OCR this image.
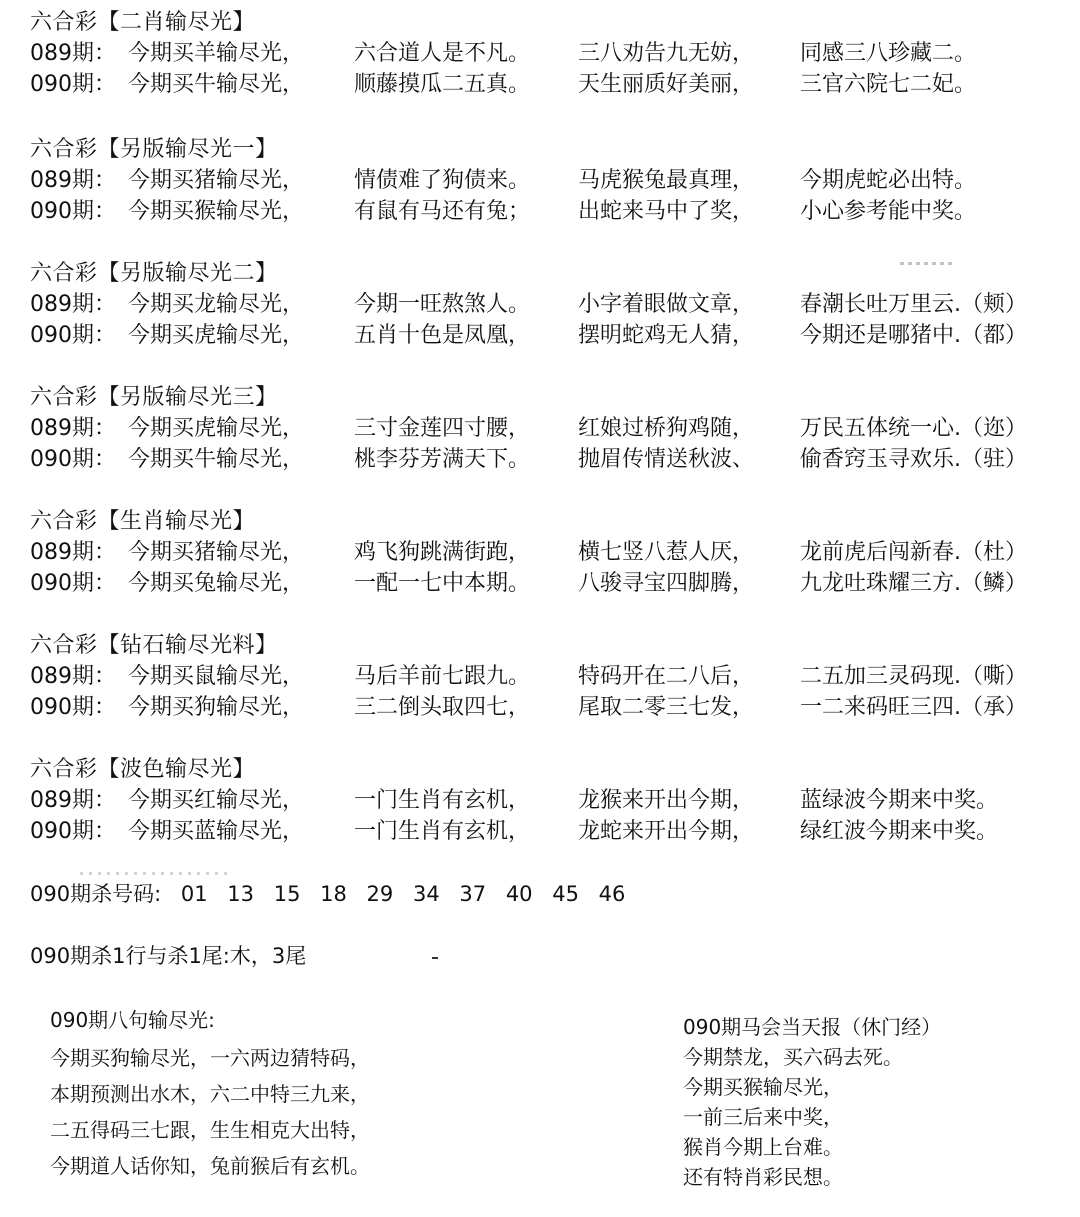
六合彩【二肖输尽光】
089期： 今期买羊输尽光， 六合道人是不凡。 三八劝告九无妨， 同感三八珍藏二。
090期： 今期买牛输尽光， 顺藤摸瓜二五真。 天生丽质好美丽， 三官六院七二妃。
六合彩【另版输尽光一】
089期： 今期买猪输尽光， 情债难了狗债来。 马虎猴兔最真理， 今期虎蛇必出特。
090期： 今期买猴输尽光， 有鼠有马还有兔； 出蛇来马中了奖， 小心参考能中奖。
六合彩【另版输尽光二】
089期： 今期买龙输尽光， 今期一旺熬煞人。 小字着眼做文章， 春潮长吐万里云.（颊）
090期： 今期买虎输尽光， 五肖十色是凤凰， 摆明蛇鸡无人猜， 今期还是哪猪中.（都）
六合彩【另版输尽光三】
089期： 今期买虎输尽光， 三寸金莲四寸腰， 红娘过桥狗鸡随， 万民五体统一心.（迩）
090期： 今期买牛输尽光， 桃李芬芳满天下。 抛眉传情送秋波、 偷香窍玉寻欢乐.（驻）
六合彩【生肖输尽光】
089期： 今期买猪输尽光， 鸡飞狗跳满街跑， 横七竖八惹人厌， 龙前虎后闯新春.（杜）
090期： 今期买兔输尽光， 一配一七中本期。 八骏寻宝四脚腾， 九龙吐珠耀三方.（鳞）
六合彩【钻石输尽光料】
089期： 今期买鼠输尽光， 马后羊前七跟九。 特码开在二八后， 二五加三灵码现.（嘶）
090期： 今期买狗输尽光， 三二倒头取四七， 尾取二零三七发， 一二来码旺三四.（承）
六合彩【波色输尽光】
089期： 今期买红输尽光， 一门生肖有玄机， 龙猴来开出今期， 蓝绿波今期来中奖。
090期： 今期买蓝输尽光， 一门生肖有玄机， 龙蛇来开出今期， 绿红波今期来中奖。
090期杀号码: 01 13 15 18 29 34 37 40 45 46
090期杀1行与杀1尾:木，3尾
090期八句输尽光:
今期买狗输尽光，一六两边猜特码，
本期预测出水木，六二中特三九来，
二五得码三七跟，生生相克大出特，
今期道人话你知，兔前猴后有玄机。
090期马会当天报（休门经）
今期禁龙，买六码去死。
今期买猴输尽光，
一前三后来中奖，
猴肖今期上台难。
还有特肖彩民想。
